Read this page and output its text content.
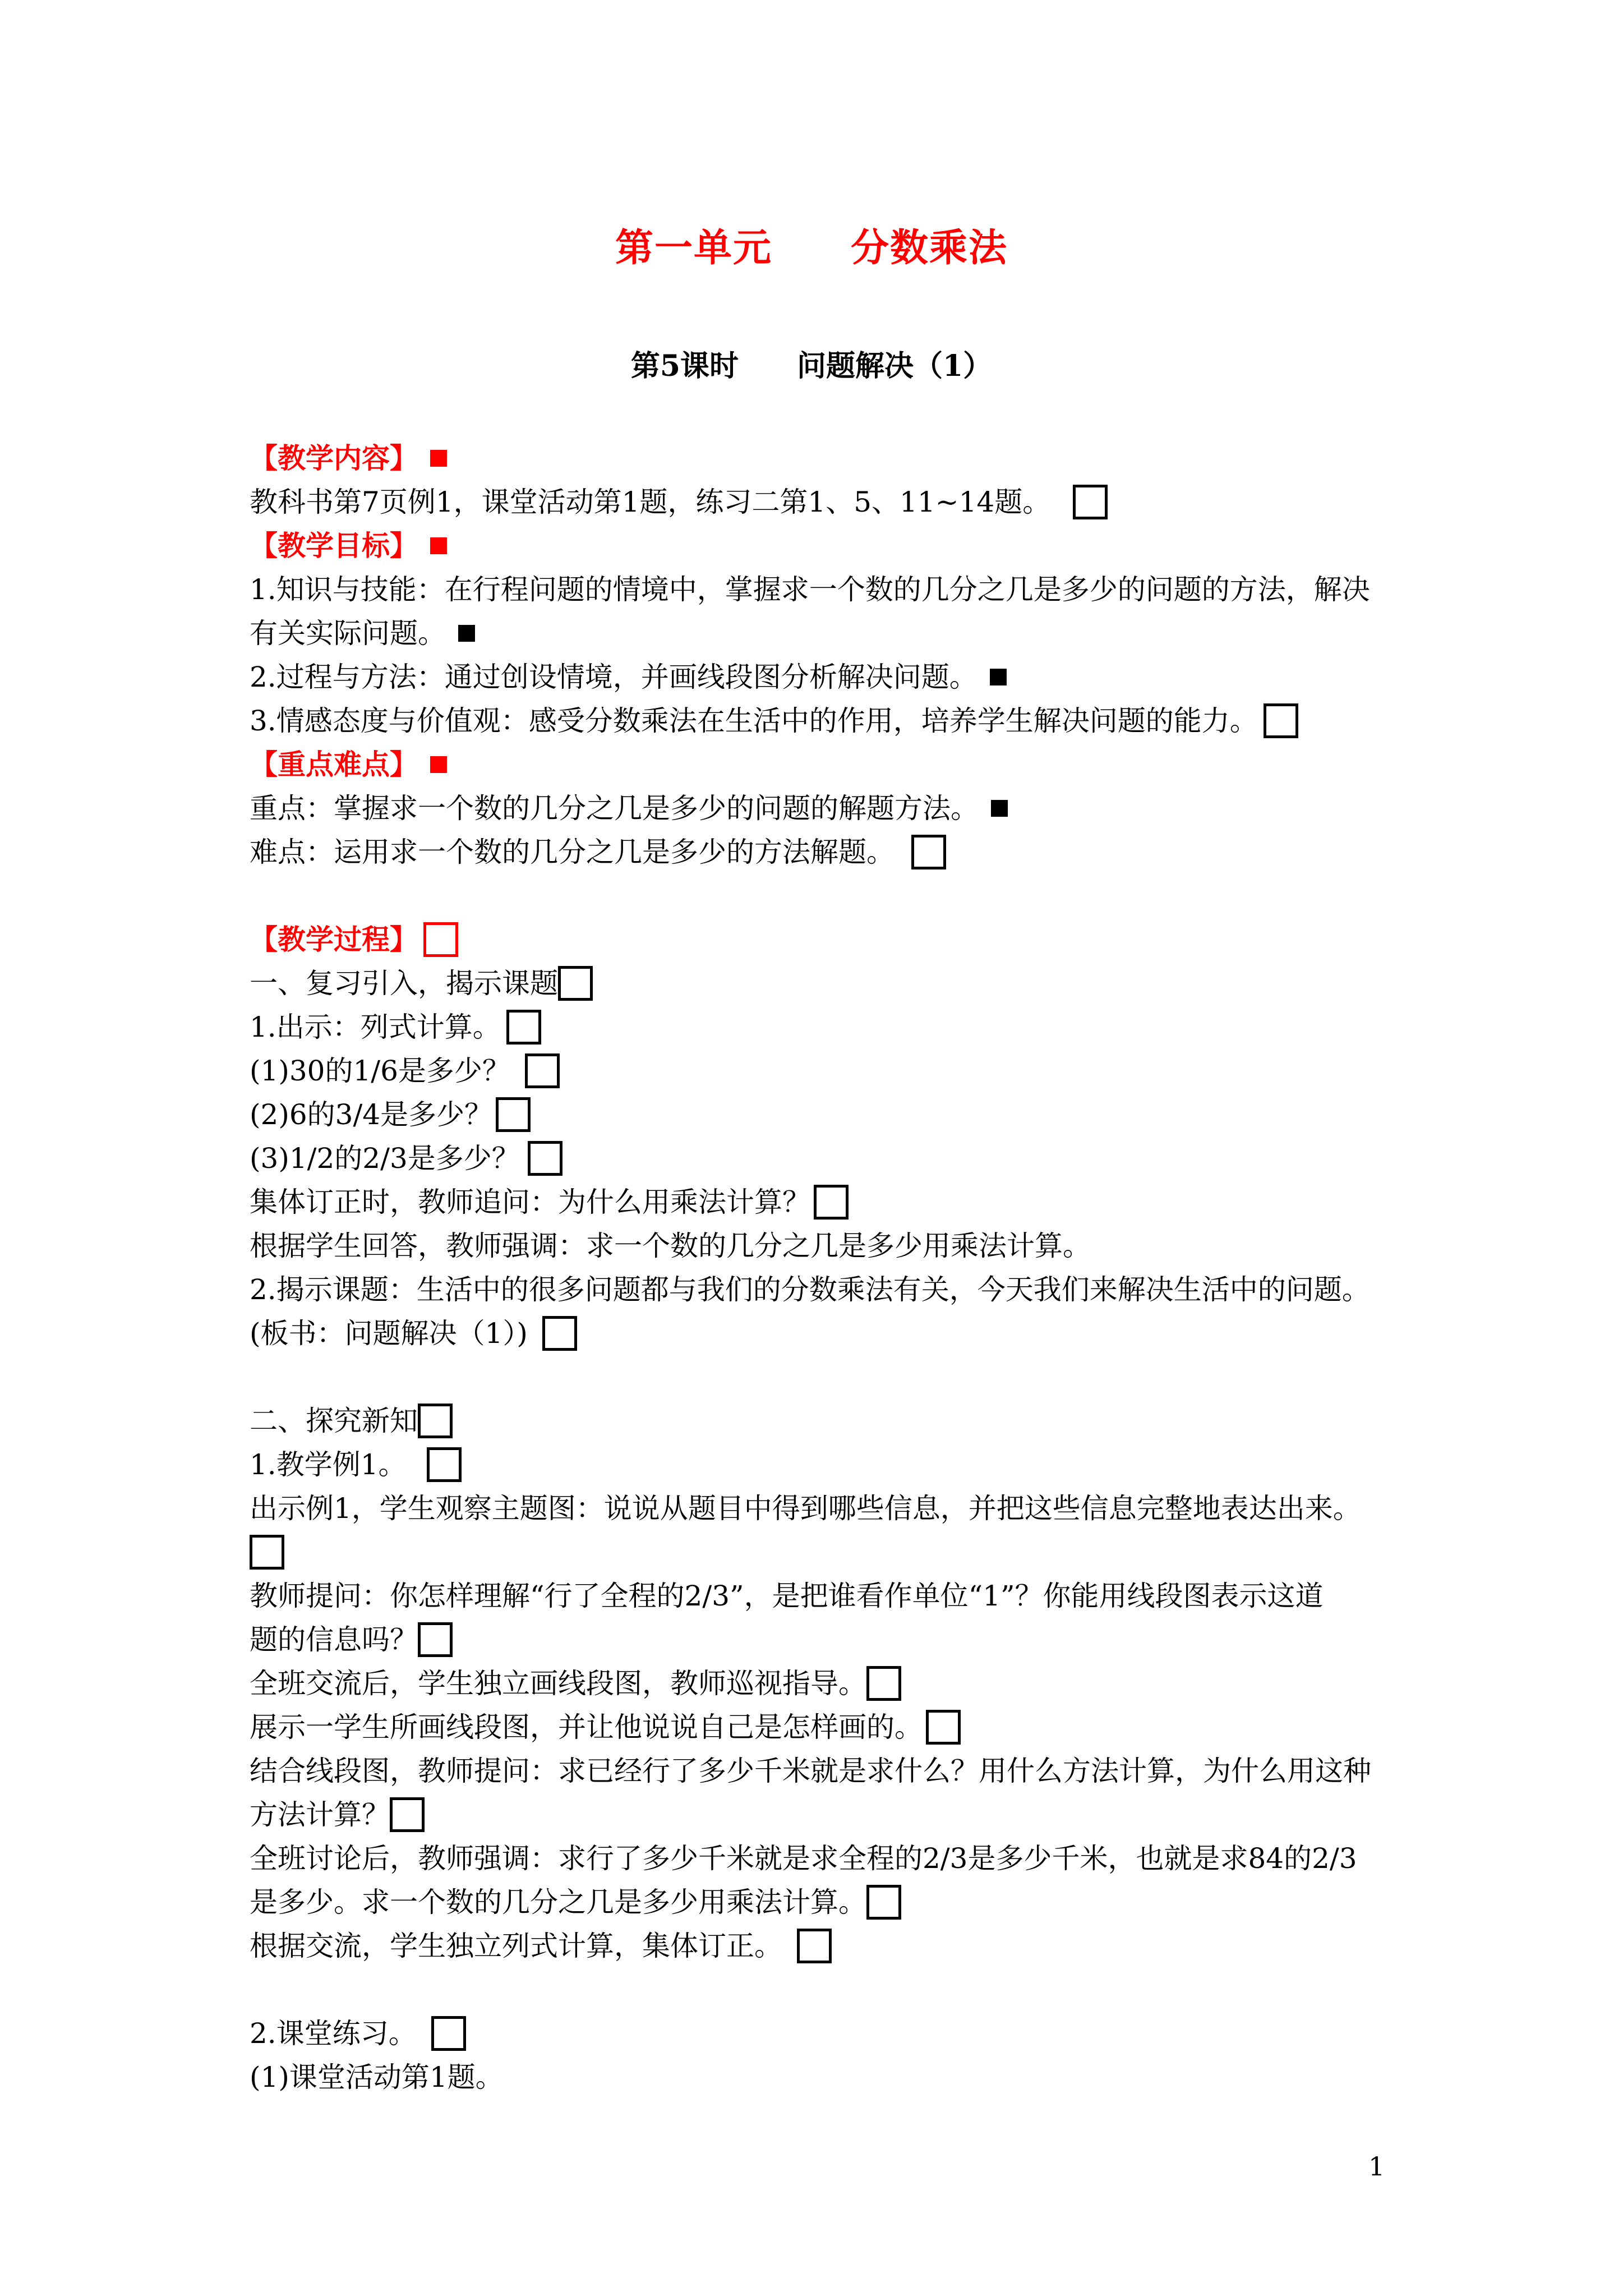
第一单元　　分数乘法
第5课时　　问题解决（1）
【教学内容】
教科书第7页例1，课堂活动第1题，练习二第1、5、11~14题。
【教学目标】
1.知识与技能：在行程问题的情境中，掌握求一个数的几分之几是多少的问题的方法，解决
有关实际问题。
2.过程与方法：通过创设情境，并画线段图分析解决问题。
3.情感态度与价值观：感受分数乘法在生活中的作用，培养学生解决问题的能力。
【重点难点】
重点：掌握求一个数的几分之几是多少的问题的解题方法。
难点：运用求一个数的几分之几是多少的方法解题。
【教学过程】
一、复习引入，揭示课题
1.出示：列式计算。
(1)30的1/6是多少？
(2)6的3/4是多少？
(3)1/2的2/3是多少？
集体订正时，教师追问：为什么用乘法计算？
根据学生回答，教师强调：求一个数的几分之几是多少用乘法计算。
2.揭示课题：生活中的很多问题都与我们的分数乘法有关，今天我们来解决生活中的问题。
(板书：问题解决（1）)
二、探究新知
1.教学例1。
出示例1，学生观察主题图：说说从题目中得到哪些信息，并把这些信息完整地表达出来。
教师提问：你怎样理解“行了全程的2/3”，是把谁看作单位“1”？你能用线段图表示这道
题的信息吗？
全班交流后，学生独立画线段图，教师巡视指导。
展示一学生所画线段图，并让他说说自己是怎样画的。
结合线段图，教师提问：求已经行了多少千米就是求什么？用什么方法计算，为什么用这种
方法计算？
全班讨论后，教师强调：求行了多少千米就是求全程的2/3是多少千米，也就是求84的2/3
是多少。求一个数的几分之几是多少用乘法计算。
根据交流，学生独立列式计算，集体订正。
2.课堂练习。
(1)课堂活动第1题。
1
